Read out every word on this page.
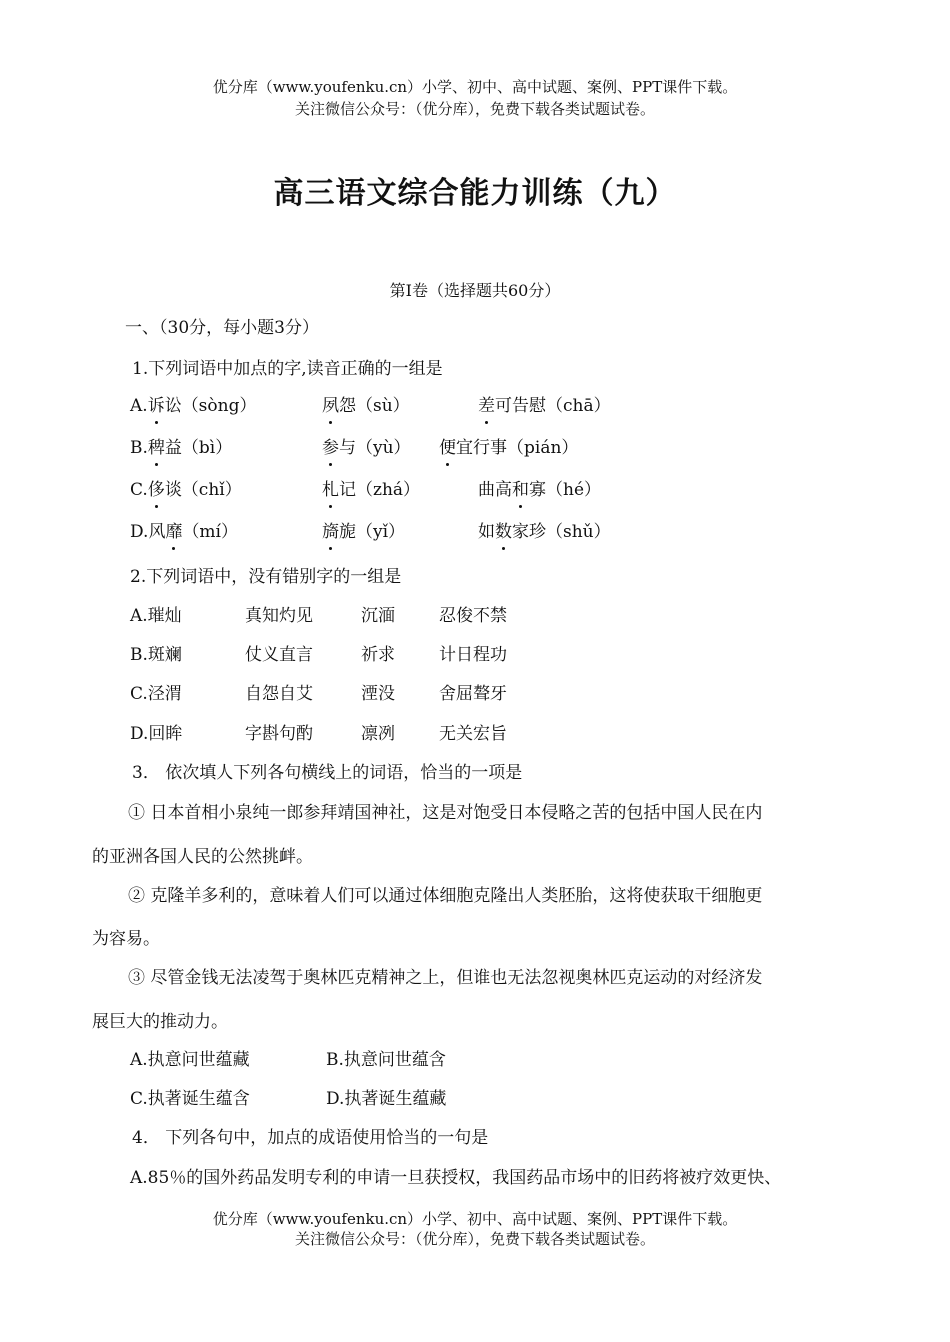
优分库（www.youfenku.cn）小学、初中、高中试题、案例、PPT课件下载。
关注微信公众号：（优分库），免费下载各类试题试卷。
高三语文综合能力训练（九）
第Ⅰ卷（选择题共60分）
一、（30分，每小题3分）
1.下列词语中加点的字,读音正确的一组是
A.诉讼（sòng）	夙怨（sù）	差可告慰（chā）
B.稗益（bì）	参与（yù） 便宜行事（pián）
C.侈谈（chǐ）	札记（zhá）	曲高和寡（hé）
D.风靡（mí）	旖旎（yǐ）	如数家珍（shǔ）
2.下列词语中，没有错别字的一组是
A.璀灿	真知灼见	沉湎	忍俊不禁
B.斑斓	仗义直言	祈求	计日程功
C.泾渭	自怨自艾	湮没	舍屈聱牙
D.回眸	字斟句酌	凛冽	无关宏旨
3． 依次填人下列各句横线上的词语，恰当的一项是
① 日本首相小泉纯一郎参拜靖国神社，这是对饱受日本侵略之苦的包括中国人民在内
的亚洲各国人民的公然挑衅。
② 克隆羊多利的，意味着人们可以通过体细胞克隆出人类胚胎，这将使获取干细胞更
为容易。
③ 尽管金钱无法凌驾于奥林匹克精神之上，但谁也无法忽视奥林匹克运动的对经济发
展巨大的推动力。
A.执意问世蕴藏	B.执意问世蕴含
C.执著诞生蕴含	D.执著诞生蕴藏
4． 下列各句中，加点的成语使用恰当的一句是
A.85％的国外药品发明专利的申请一旦获授权，我国药品市场中的旧药将被疗效更快、
优分库（www.youfenku.cn）小学、初中、高中试题、案例、PPT课件下载。
关注微信公众号：（优分库），免费下载各类试题试卷。
